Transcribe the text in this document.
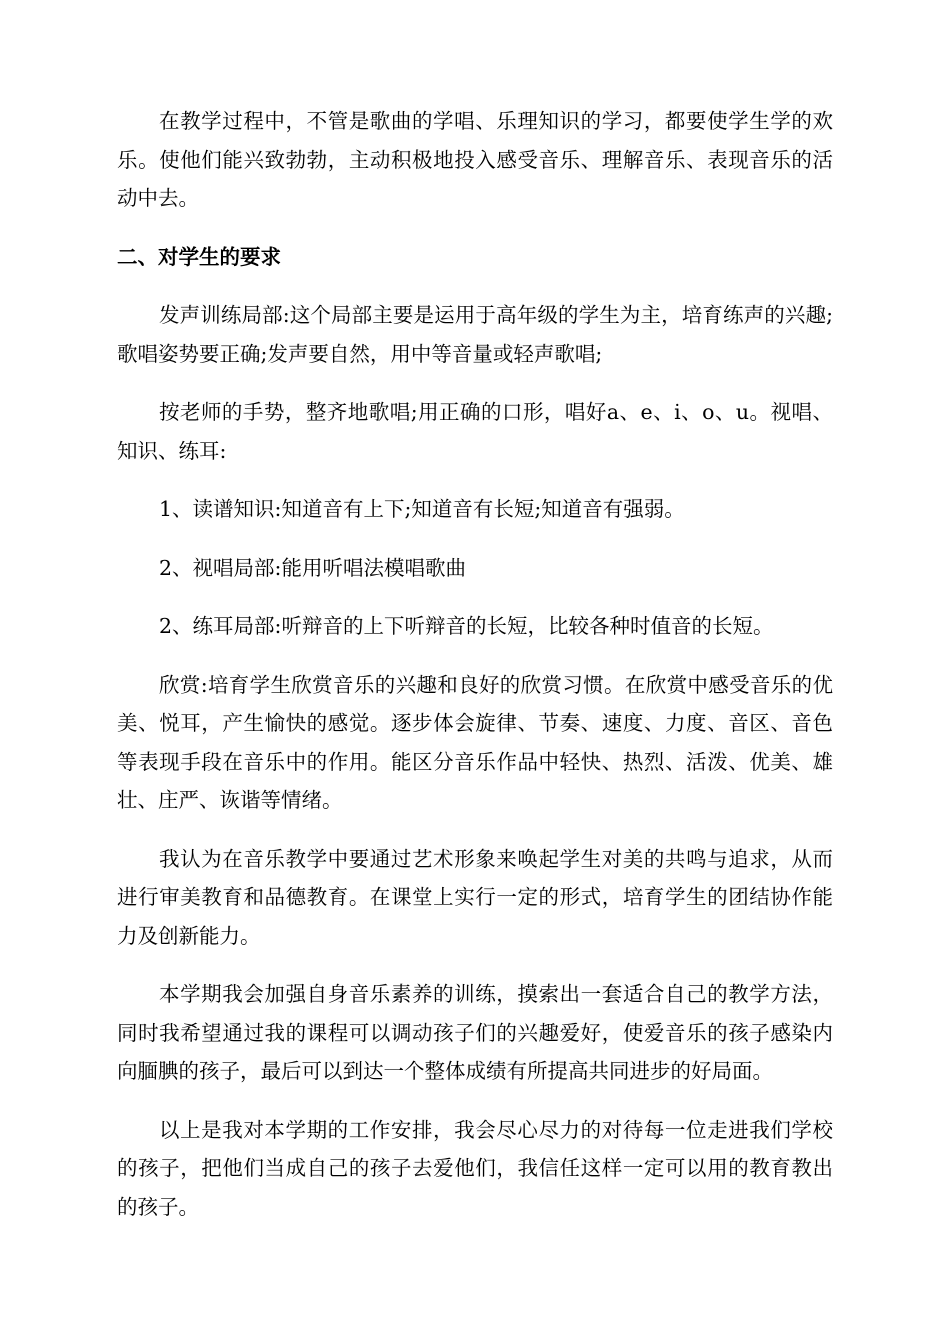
在教学过程中，不管是歌曲的学唱、乐理知识的学习，都要使学生学的欢乐。使他们能兴致勃勃，主动积极地投入感受音乐、理解音乐、表现音乐的活动中去。

二、对学生的要求

发声训练局部:这个局部主要是运用于高年级的学生为主，培育练声的兴趣;歌唱姿势要正确;发声要自然，用中等音量或轻声歌唱;

按老师的手势，整齐地歌唱;用正确的口形，唱好a、e、i、o、u。视唱、知识、练耳:

1、读谱知识:知道音有上下;知道音有长短;知道音有强弱。

2、视唱局部:能用听唱法模唱歌曲

2、练耳局部:听辩音的上下听辩音的长短，比较各种时值音的长短。

欣赏:培育学生欣赏音乐的兴趣和良好的欣赏习惯。在欣赏中感受音乐的优美、悦耳，产生愉快的感觉。逐步体会旋律、节奏、速度、力度、音区、音色等表现手段在音乐中的作用。能区分音乐作品中轻快、热烈、活泼、优美、雄壮、庄严、诙谐等情绪。

我认为在音乐教学中要通过艺术形象来唤起学生对美的共鸣与追求，从而进行审美教育和品德教育。在课堂上实行一定的形式，培育学生的团结协作能力及创新能力。

本学期我会加强自身音乐素养的训练，摸索出一套适合自己的教学方法，同时我希望通过我的课程可以调动孩子们的兴趣爱好，使爱音乐的孩子感染内向腼腆的孩子，最后可以到达一个整体成绩有所提高共同进步的好局面。

以上是我对本学期的工作安排，我会尽心尽力的对待每一位走进我们学校的孩子，把他们当成自己的孩子去爱他们，我信任这样一定可以用的教育教出的孩子。
